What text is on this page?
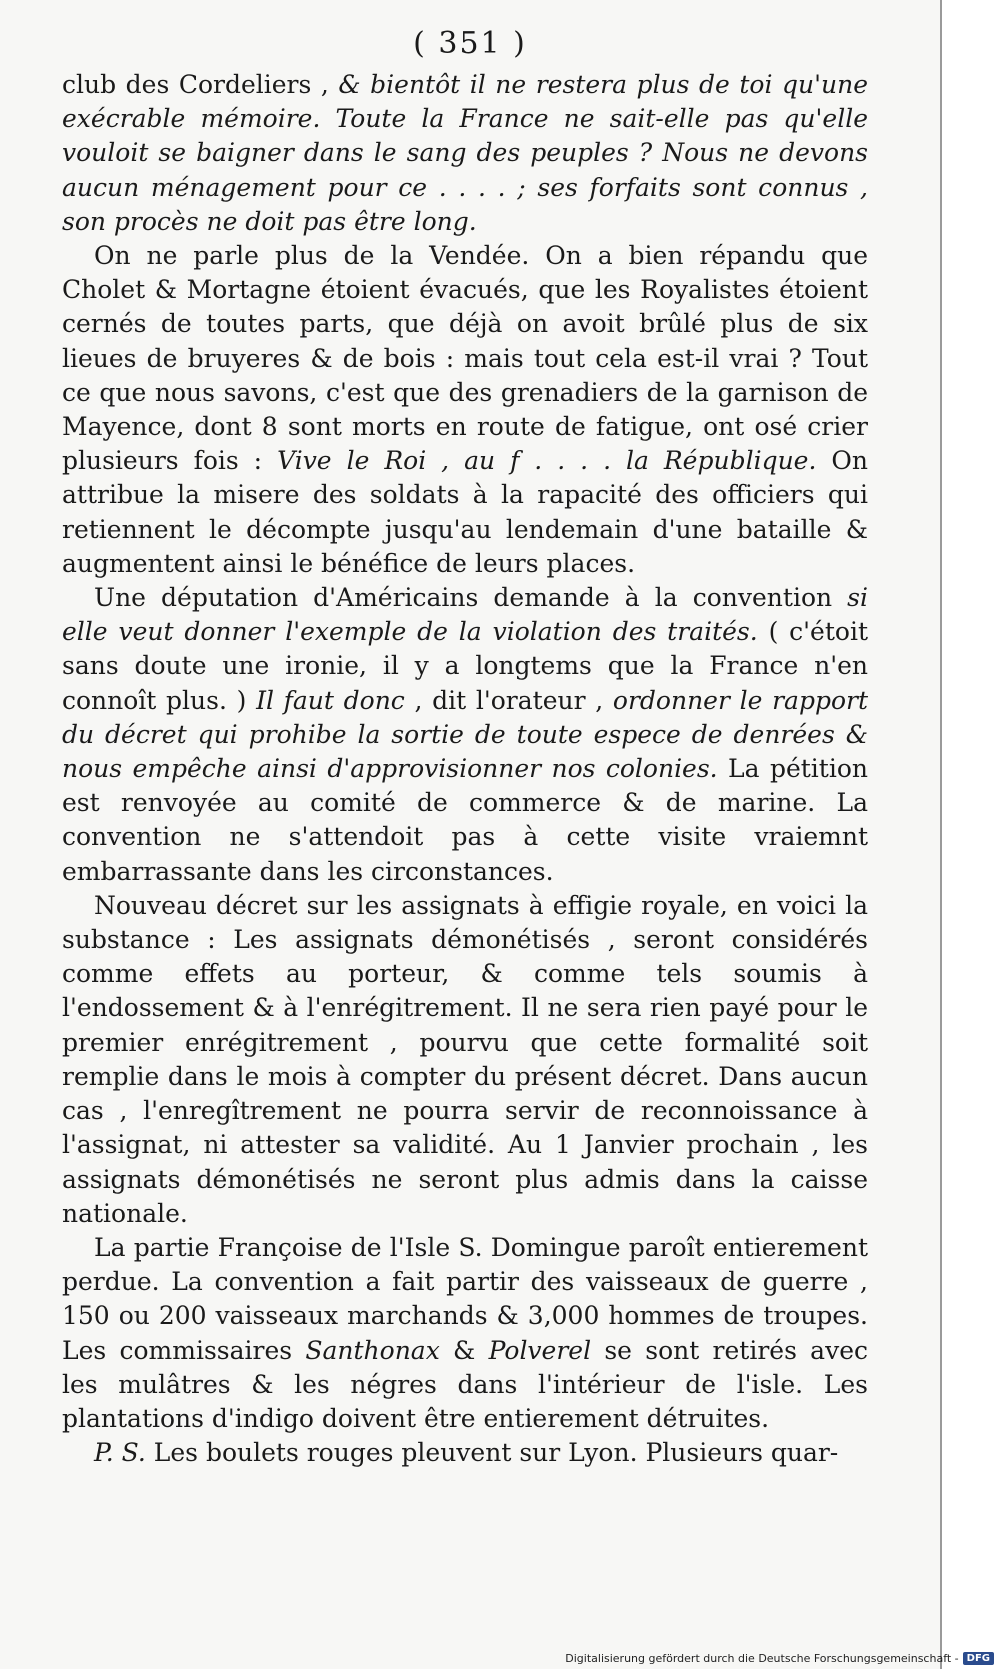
( 351 )

club des Cordeliers , & bientôt il ne restera plus de toi qu'une exécrable mémoire. Toute la France ne sait-elle pas qu'elle vouloit se baigner dans le sang des peuples ? Nous ne devons aucun ménagement pour ce . . . . ; ses forfaits sont connus , son procès ne doit pas être long.

On ne parle plus de la Vendée. On a bien répandu que Cholet & Mortagne étoient évacués, que les Royalistes étoient cernés de toutes parts, que déjà on avoit brûlé plus de six lieues de bruyeres & de bois : mais tout cela est-il vrai ? Tout ce que nous savons, c'est que des grenadiers de la garnison de Mayence, dont 8 sont morts en route de fatigue, ont osé crier plusieurs fois : Vive le Roi , au f . . . . la République. On attribue la misere des soldats à la rapacité des officiers qui retiennent le décompte jusqu'au lendemain d'une bataille & augmentent ainsi le bénéfice de leurs places.

Une députation d'Américains demande à la convention si elle veut donner l'exemple de la violation des traités. ( c'étoit sans doute une ironie, il y a longtems que la France n'en connoît plus. ) Il faut donc , dit l'orateur , ordonner le rapport du décret qui prohibe la sortie de toute espece de denrées & nous empêche ainsi d'approvisionner nos colonies. La pétition est renvoyée au comité de commerce & de marine. La convention ne s'attendoit pas à cette visite vraiemnt embarrassante dans les circonstances.

Nouveau décret sur les assignats à effigie royale, en voici la substance : Les assignats démonétisés , seront considérés comme effets au porteur, & comme tels soumis à l'endossement & à l'enrégitrement. Il ne sera rien payé pour le premier enrégitrement , pourvu que cette formalité soit remplie dans le mois à compter du présent décret. Dans aucun cas , l'enregîtrement ne pourra servir de reconnoissance à l'assignat, ni attester sa validité. Au 1 Janvier prochain , les assignats démonétisés ne seront plus admis dans la caisse nationale.

La partie Françoise de l'Isle S. Domingue paroît entierement perdue. La convention a fait partir des vaisseaux de guerre , 150 ou 200 vaisseaux marchands & 3,000 hommes de troupes. Les commissaires Santhonax & Polverel se sont retirés avec les mulâtres & les négres dans l'intérieur de l'isle. Les plantations d'indigo doivent être entierement détruites.

P. S. Les boulets rouges pleuvent sur Lyon. Plusieurs quar-

Digitalisierung gefördert durch die Deutsche Forschungsgemeinschaft - DFG
